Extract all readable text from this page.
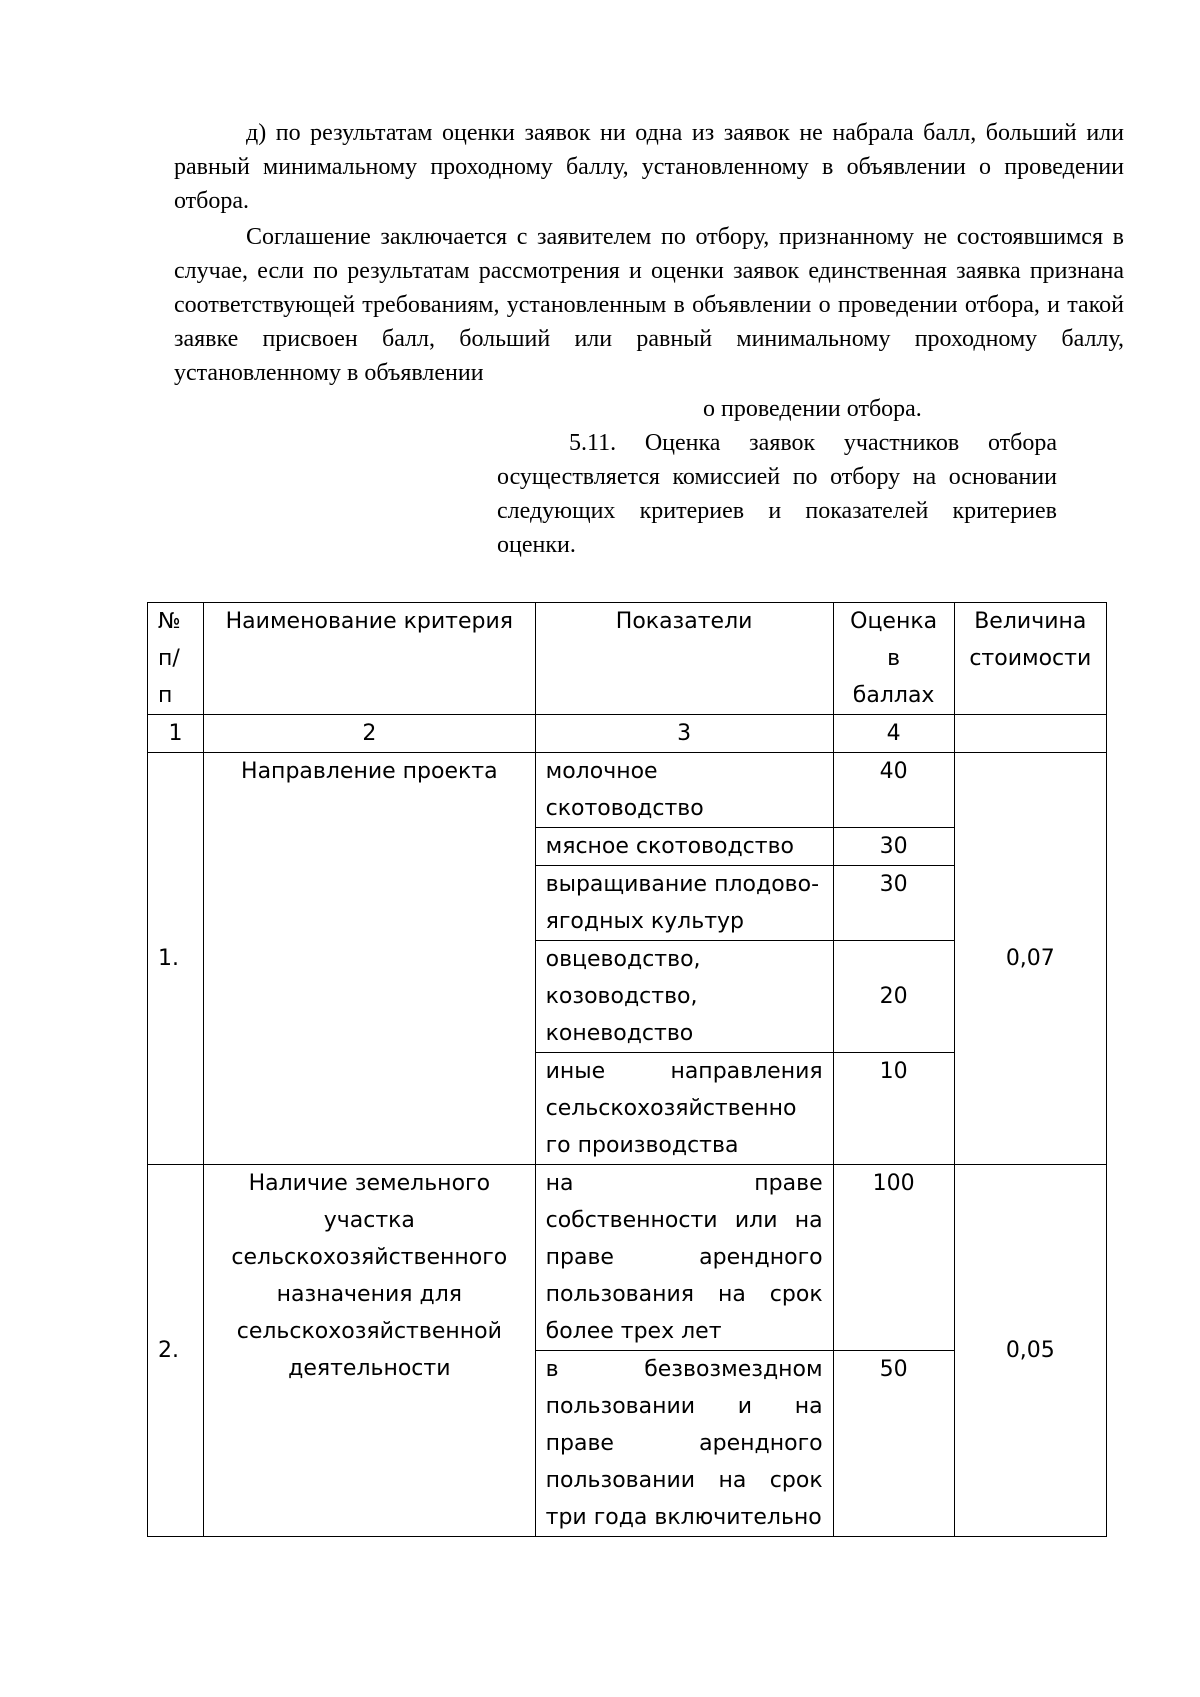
д) по результатам оценки заявок ни одна из заявок не набрала балл, больший или равный минимальному проходному баллу, установленному в объявлении о проведении отбора.

Соглашение заключается с заявителем по отбору, признанному не состоявшимся в случае, если по результатам рассмотрения и оценки заявок единственная заявка признана соответствующей требованиям, установленным в объявлении о проведении отбора, и такой заявке присвоен балл, больший или равный минимальному проходному баллу, установленному в объявлении

о проведении отбора.

5.11. Оценка заявок участников отбора осуществляется комиссией по отбору на основании следующих критериев и показателей критериев оценки.

№ п/п	Наименование критерия	Показатели	Оценка в баллах	Величина стоимости
1	2	3	4	
1.	Направление проекта	молочное скотоводство	40	0,07
		мясное скотоводство	30	
		выращивание плодово-ягодных культур	30	
		овцеводство, козоводство, коневодство	20	
		иные направления сельскохозяйственно го производства	10	
2.	Наличие земельного участка сельскохозяйственного назначения для сельскохозяйственной деятельности	на праве собственности или на праве арендного пользования на срок более трех лет	100	0,05
		в безвозмездном пользовании и на праве арендного пользовании на срок три года включительно	50	
